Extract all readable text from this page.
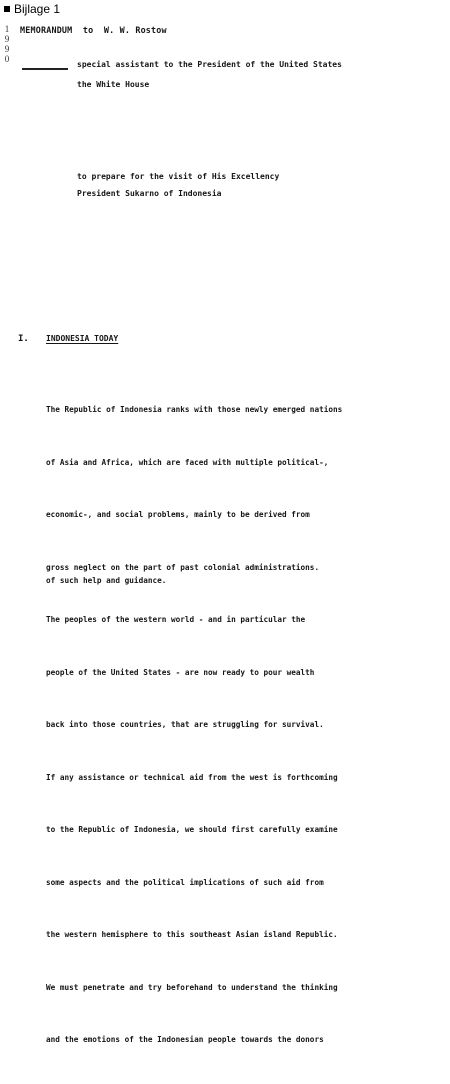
Bijlage 1
1
9
9
0
MEMORANDUM  to  W. W. Rostow
special assistant to the President of the United States
the White House
to prepare for the visit of His Excellency
President Sukarno of Indonesia
I. INDONESIA TODAY

The Republic of Indonesia ranks with those newly emerged nations

of Asia and Africa, which are faced with multiple political-,

economic-, and social problems, mainly to be derived from

gross neglect on the part of past colonial administrations.

The peoples of the western world - and in particular the

people of the United States - are now ready to pour wealth

back into those countries, that are struggling for survival.

If any assistance or technical aid from the west is forthcoming

to the Republic of Indonesia, we should first carefully examine

some aspects and the political implications of such aid from

the western hemisphere to this southeast Asian island Republic.

We must penetrate and try beforehand to understand the thinking

and the emotions of the Indonesian people towards the donors

of such help and guidance.
